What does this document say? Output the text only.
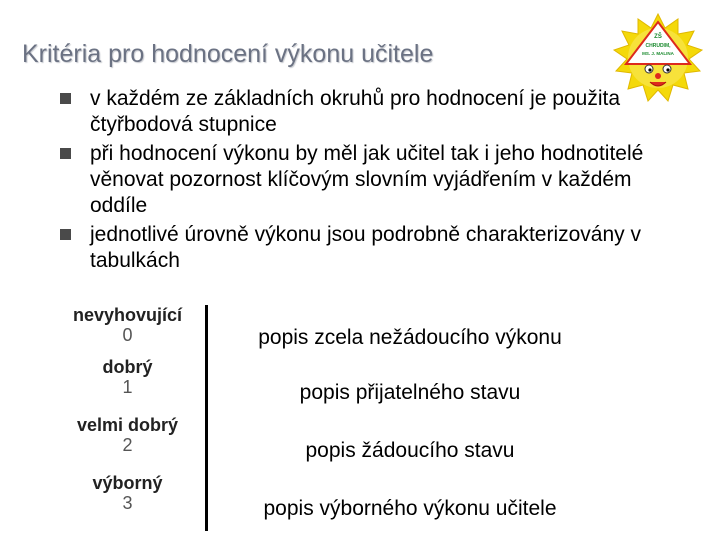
Kritéria pro hodnocení výkonu učitele
ZŠ
CHRUDIM,
MS. J. MALINA
v každém ze základních okruhů pro hodnocení je použita čtyřbodová stupnice
při hodnocení výkonu by měl jak učitel tak i jeho hodnotitelé věnovat pozornost klíčovým slovním vyjádřením v každém oddíle
jednotlivé úrovně výkonu jsou podrobně charakterizovány v tabulkách
nevyhovující
0	popis zcela nežádoucího výkonu
dobrý
1	popis přijatelného stavu
velmi dobrý
2	popis žádoucího stavu
výborný
3	popis výborného výkonu učitele
